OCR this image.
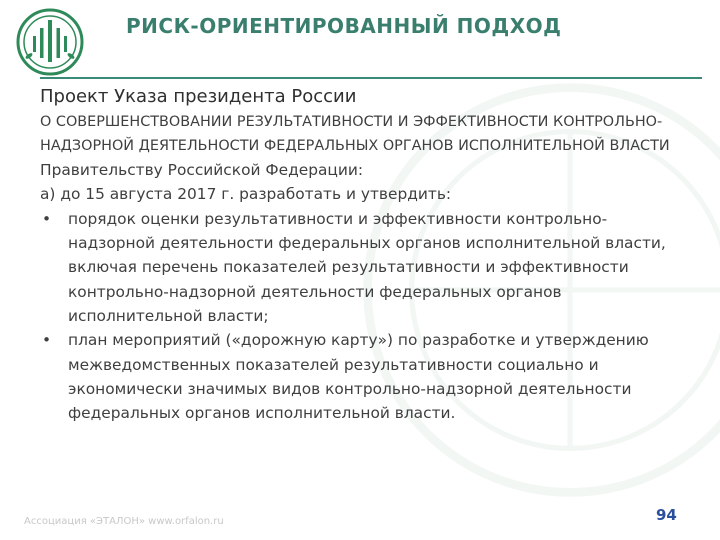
РИСК-ОРИЕНТИРОВАННЫЙ ПОДХОД
Проект Указа президента России
О СОВЕРШЕНСТВОВАНИИ РЕЗУЛЬТАТИВНОСТИ И ЭФФЕКТИВНОСТИ КОНТРОЛЬНО-НАДЗОРНОЙ ДЕЯТЕЛЬНОСТИ ФЕДЕРАЛЬНЫХ ОРГАНОВ ИСПОЛНИТЕЛЬНОЙ ВЛАСТИ
Правительству Российской Федерации:
а) до 15 августа 2017 г. разработать и утвердить:
• порядок оценки результативности и эффективности контрольно-надзорной деятельности федеральных органов исполнительной власти, включая перечень показателей результативности и эффективности контрольно-надзорной деятельности федеральных органов исполнительной власти;
• план мероприятий («дорожную карту») по разработке и утверждению межведомственных показателей результативности социально и экономически значимых видов контрольно-надзорной деятельности федеральных органов исполнительной власти.
Ассоциация «ЭТАЛОН» www.orfalon.ru	94
